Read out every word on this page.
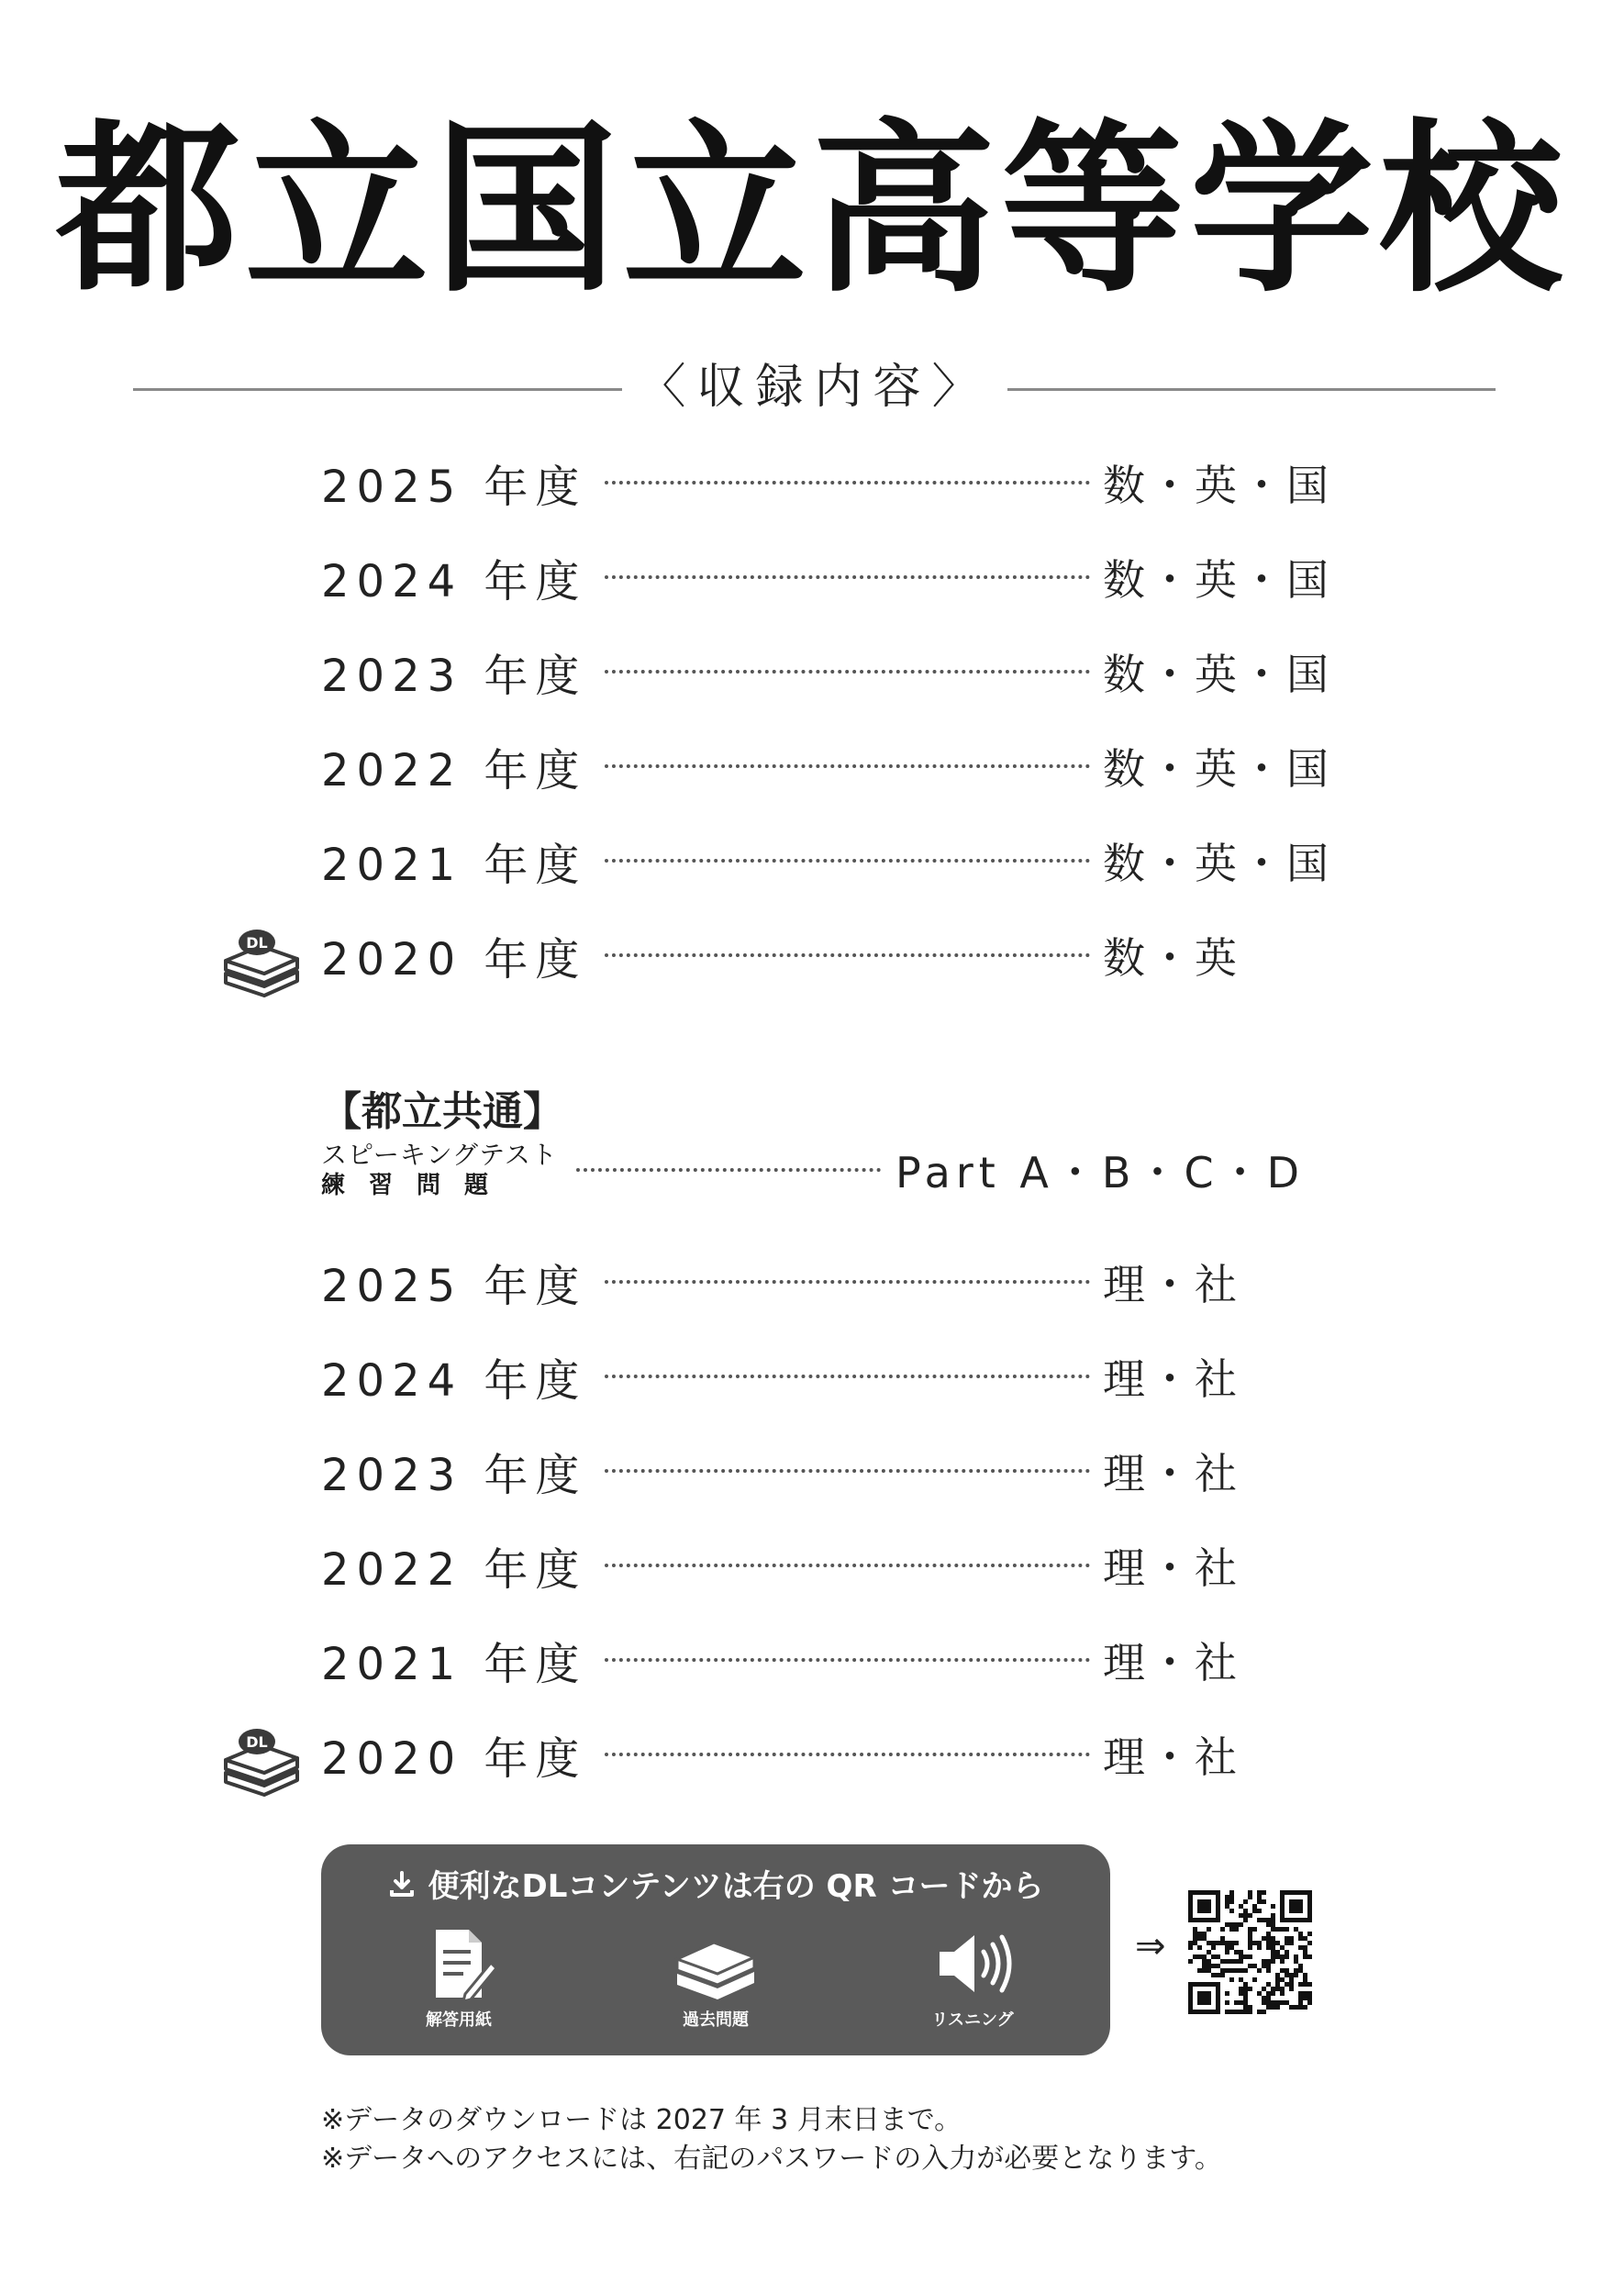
都立国立高等学校
〈収録内容〉
2025 年度	数・英・国
2024 年度	数・英・国
2023 年度	数・英・国
2022 年度	数・英・国
2021 年度	数・英・国
2020 年度	数・英
DL
【都立共通】
スピーキングテスト
練習問題	Part A・B・C・D
2025 年度	理・社
2024 年度	理・社
2023 年度	理・社
2022 年度	理・社
2021 年度	理・社
2020 年度	理・社
DL
便利なDLコンテンツは右の QR コードから
解答用紙	過去問題	リスニング
⇒
※データのダウンロードは 2027 年 3 月末日まで。
※データへのアクセスには、右記のパスワードの入力が必要となります。
